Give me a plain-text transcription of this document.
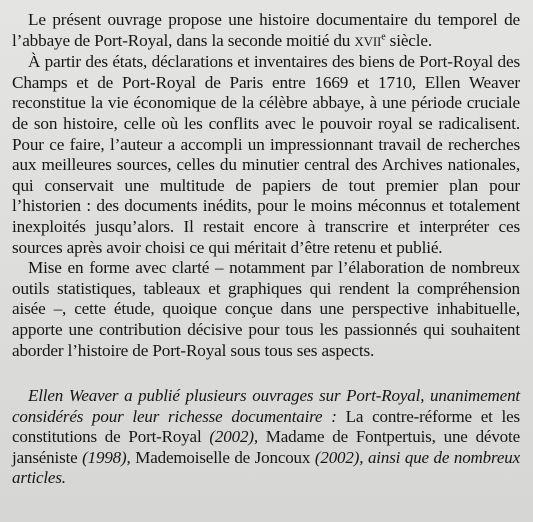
Le présent ouvrage propose une histoire documentaire du temporel de l’abbaye de Port-Royal, dans la seconde moitié du XVIIe siècle.

À partir des états, déclarations et inventaires des biens de Port-Royal des Champs et de Port-Royal de Paris entre 1669 et 1710, Ellen Weaver reconstitue la vie économique de la célèbre abbaye, à une période cruciale de son histoire, celle où les conflits avec le pouvoir royal se radicalisent. Pour ce faire, l’auteur a accompli un impressionnant travail de recherches aux meilleures sources, celles du minutier central des Archives nationales, qui conservait une multitude de papiers de tout premier plan pour l’historien : des documents inédits, pour le moins méconnus et totalement inexploités jusqu’alors. Il restait encore à transcrire et interpréter ces sources après avoir choisi ce qui méritait d’être retenu et publié.

Mise en forme avec clarté – notamment par l’élaboration de nombreux outils statistiques, tableaux et graphiques qui rendent la compréhension aisée –, cette étude, quoique conçue dans une perspective inhabituelle, apporte une contribution décisive pour tous les passionnés qui souhaitent aborder l’histoire de Port-Royal sous tous ses aspects.

Ellen Weaver a publié plusieurs ouvrages sur Port-Royal, unanimement considérés pour leur richesse documentaire : La contre-réforme et les constitutions de Port-Royal (2002), Madame de Fontpertuis, une dévote janséniste (1998), Mademoiselle de Joncoux (2002), ainsi que de nombreux articles.
